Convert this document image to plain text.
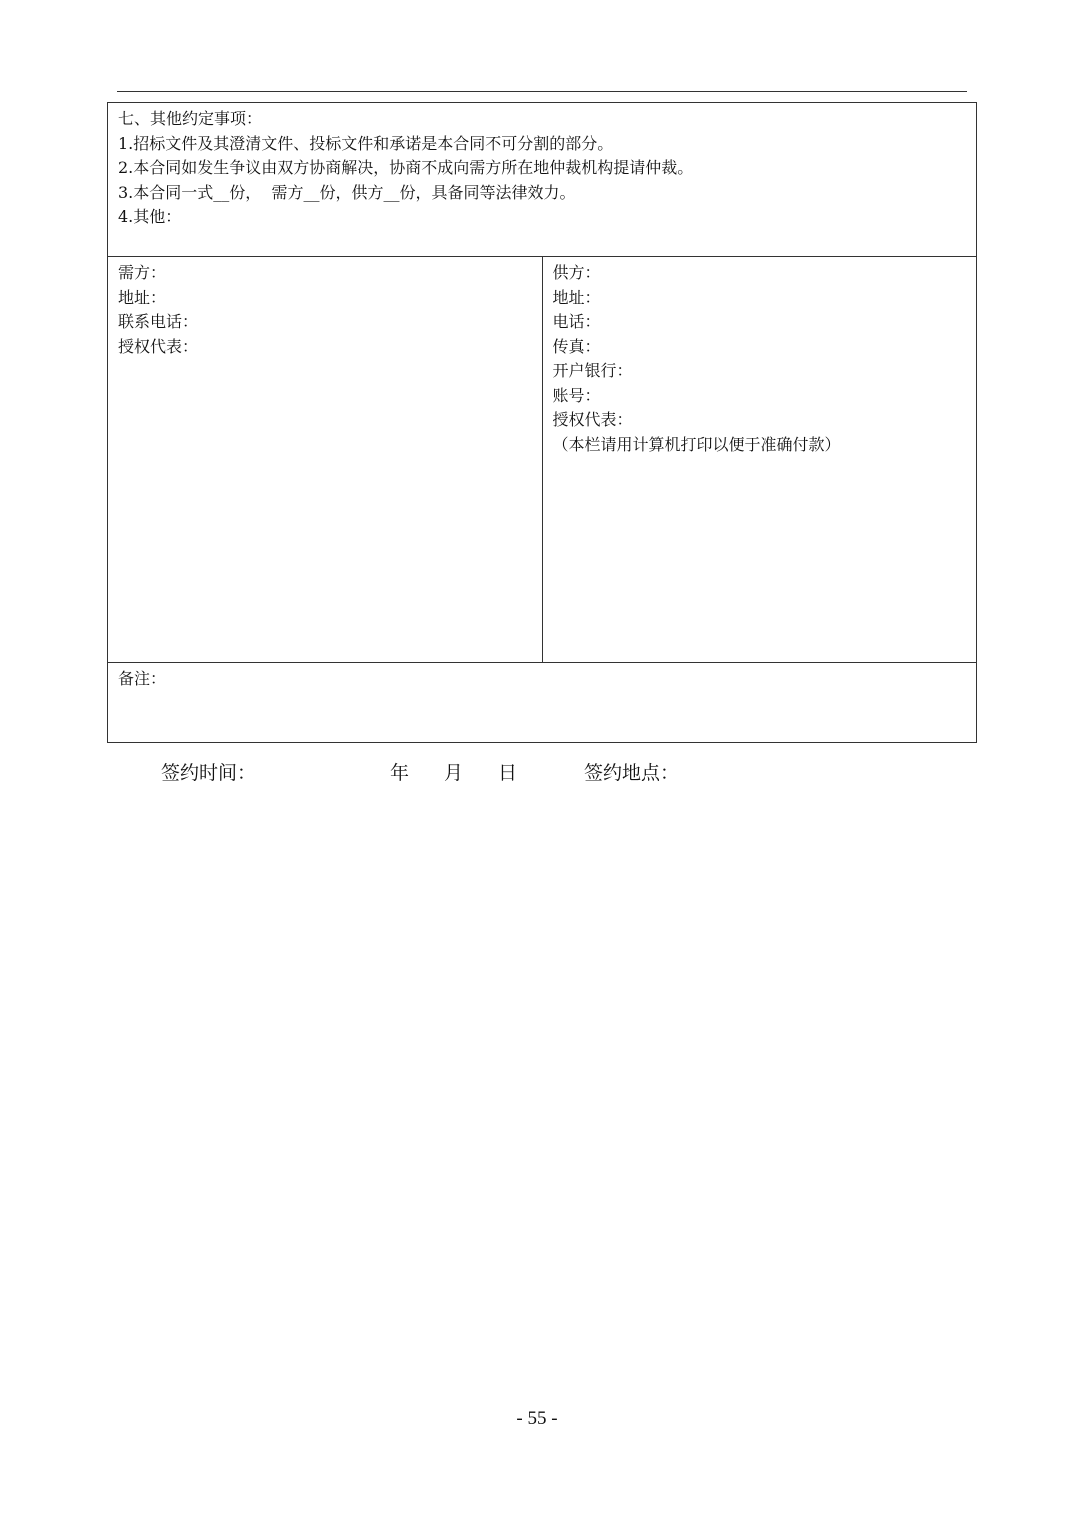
七、其他约定事项：
1.招标文件及其澄清文件、投标文件和承诺是本合同不可分割的部分。
2.本合同如发生争议由双方协商解决，协商不成向需方所在地仲裁机构提请仲裁。
3.本合同一式__份，  需方__份，供方__份，具备同等法律效力。
4.其他：

需方：
地址：
联系电话：
授权代表：

供方：
地址：
电话：
传真：
开户银行：
账号：
授权代表：
（本栏请用计算机打印以便于准确付款）

备注：
签约时间：	年 月 日	签约地点：
- 55 -
